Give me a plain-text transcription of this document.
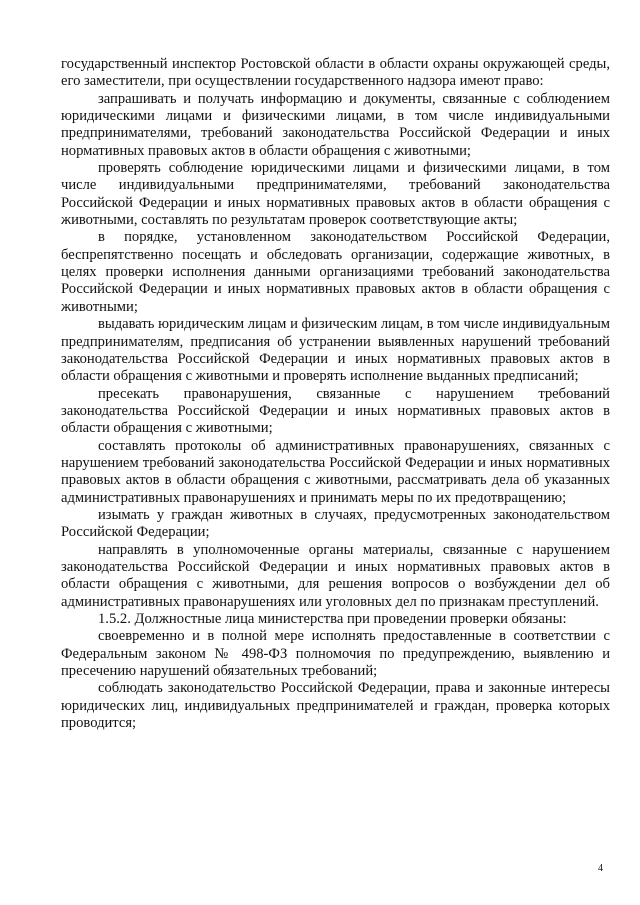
государственный инспектор Ростовской области в области охраны окружающей среды, его заместители, при осуществлении государственного надзора имеют право:

запрашивать и получать информацию и документы, связанные с соблюдением юридическими лицами и физическими лицами, в том числе индивидуальными предпринимателями, требований законодательства Российской Федерации и иных нормативных правовых актов в области обращения с животными;

проверять соблюдение юридическими лицами и физическими лицами, в том числе индивидуальными предпринимателями, требований законодательства Российской Федерации и иных нормативных правовых актов в области обращения с животными, составлять по результатам проверок соответствующие акты;

в порядке, установленном законодательством Российской Федерации, беспрепятственно посещать и обследовать организации, содержащие животных, в целях проверки исполнения данными организациями требований законодательства Российской Федерации и иных нормативных правовых актов в области обращения с животными;

выдавать юридическим лицам и физическим лицам, в том числе индивидуальным предпринимателям, предписания об устранении выявленных нарушений требований законодательства Российской Федерации и иных нормативных правовых актов в области обращения с животными и проверять исполнение выданных предписаний;

пресекать правонарушения, связанные с нарушением требований законодательства Российской Федерации и иных нормативных правовых актов в области обращения с животными;

составлять протоколы об административных правонарушениях, связанных с нарушением требований законодательства Российской Федерации и иных нормативных правовых актов в области обращения с животными, рассматривать дела об указанных административных правонарушениях и принимать меры по их предотвращению;

изымать у граждан животных в случаях, предусмотренных законодательством Российской Федерации;

направлять в уполномоченные органы материалы, связанные с нарушением законодательства Российской Федерации и иных нормативных правовых актов в области обращения с животными, для решения вопросов о возбуждении дел об административных правонарушениях или уголовных дел по признакам преступлений.

1.5.2. Должностные лица министерства при проведении проверки обязаны:

своевременно и в полной мере исполнять предоставленные в соответствии с Федеральным законом № 498-ФЗ полномочия по предупреждению, выявлению и пресечению нарушений обязательных требований;

соблюдать законодательство Российской Федерации, права и законные интересы юридических лиц, индивидуальных предпринимателей и граждан, проверка которых проводится;

4
